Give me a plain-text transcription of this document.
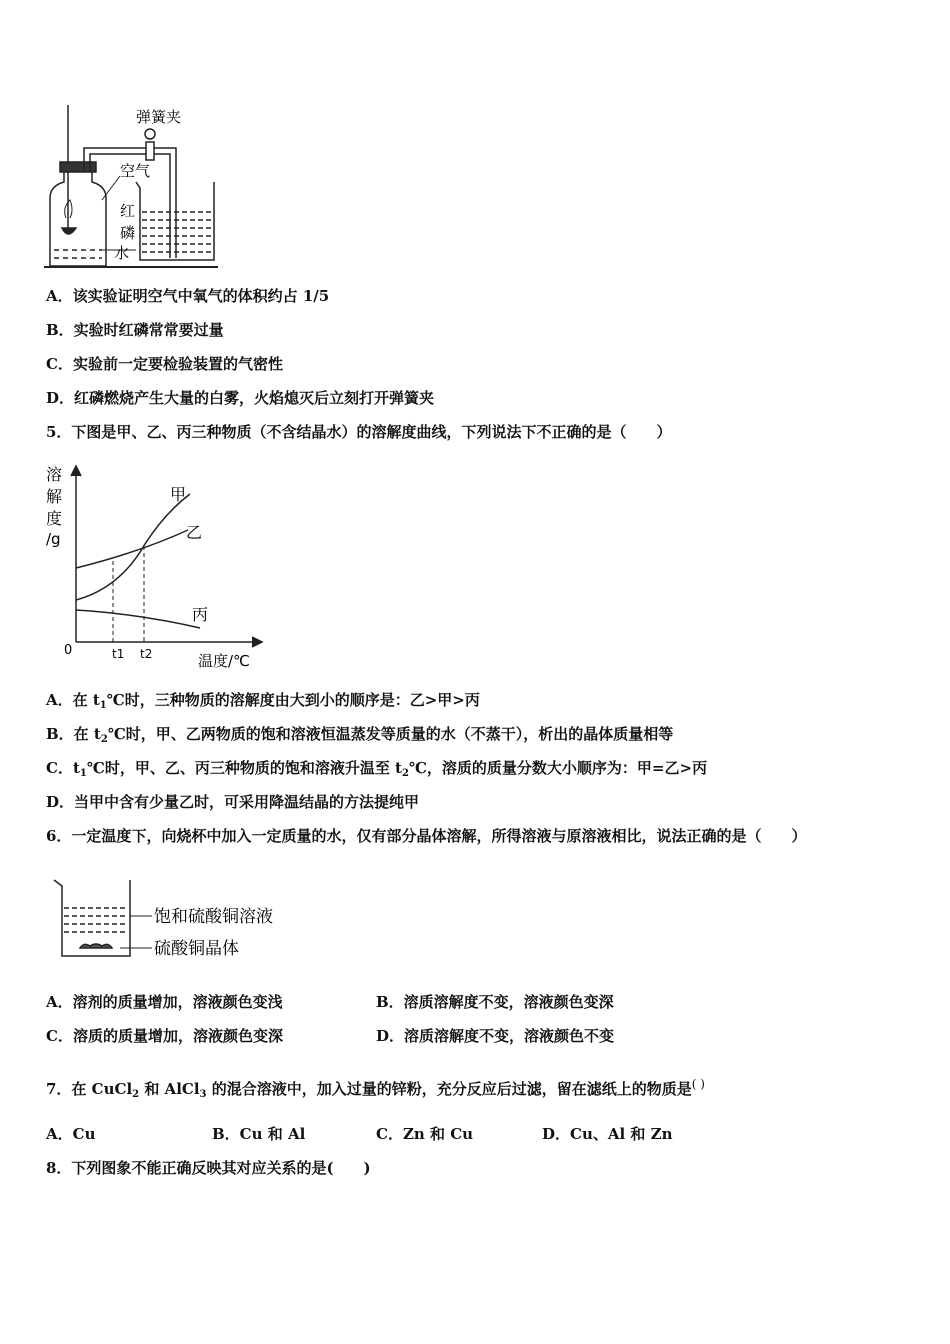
弹簧夹
空气
红
磷
水
A．该实验证明空气中氧气的体积约占 1/5
B．实验时红磷常常要过量
C．实验前一定要检验装置的气密性
D．红磷燃烧产生大量的白雾，火焰熄灭后立刻打开弹簧夹
5．下图是甲、乙、丙三种物质（不含结晶水）的溶解度曲线，下列说法下不正确的是（　　）
溶
解
度
/g
0	t1 t2	温度/℃
甲
乙
丙
A．在 $t_1℃$时，三种物质的溶解度由大到小的顺序是：乙>甲>丙
B．在 $t_2℃$时，甲、乙两物质的饱和溶液恒温蒸发等质量的水（不蒸干），析出的晶体质量相等
C．$t_1℃$时，甲、乙、丙三种物质的饱和溶液升温至 $t_2℃$，溶质的质量分数大小顺序为：甲=乙>丙
D．当甲中含有少量乙时，可采用降温结晶的方法提纯甲
6．一定温度下，向烧杯中加入一定质量的水，仅有部分晶体溶解，所得溶液与原溶液相比，说法正确的是（　　）
饱和硫酸铜溶液
硫酸铜晶体
A．溶剂的质量增加，溶液颜色变浅	B．溶质溶解度不变，溶液颜色变深
C．溶质的质量增加，溶液颜色变深	D．溶质溶解度不变，溶液颜色不变
7．在 CuCl$_2$ 和 AlCl$_3$ 的混合溶液中，加入过量的锌粉，充分反应后过滤，留在滤纸上的物质是( )
A．Cu	B．Cu 和 Al	C．Zn 和 Cu	D．Cu、Al 和 Zn
8．下列图象不能正确反映其对应关系的是(　　)
